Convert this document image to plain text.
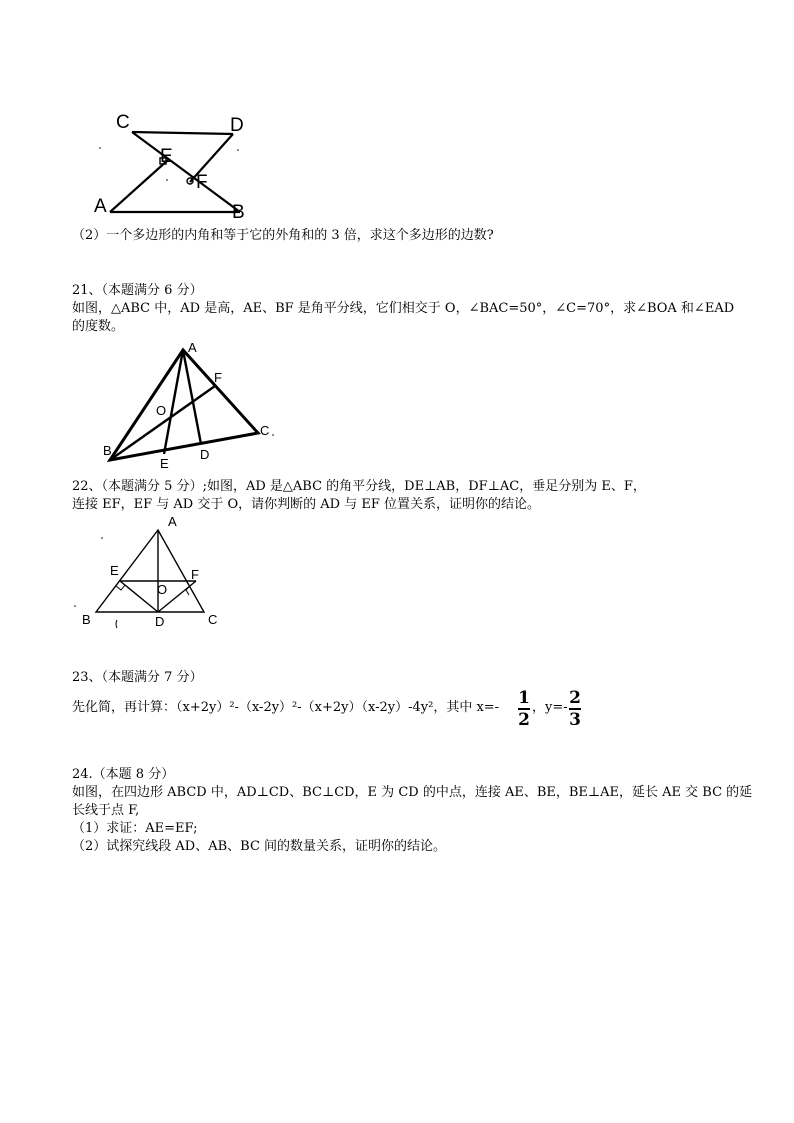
C	D
E
F
A	B
（2）一个多边形的内角和等于它的外角和的 3 倍，求这个多边形的边数?
21、（本题满分 6 分）
如图，△ABC 中，AD 是高，AE、BF 是角平分线，它们相交于 O，∠BAC=50°，∠C=70°，求∠BOA 和∠EAD
的度数。
A
F
O
C
B
E
D
22、（本题满分 5 分）;如图，AD 是△ABC 的角平分线，DE⊥AB，DF⊥AC，垂足分别为 E、F，
连接 EF，EF 与 AD 交于 O，请你判断的 AD 与 EF 位置关系，证明你的结论。
A
E	F
O
B	D	C
23、（本题满分 7 分）
先化简，再计算：（x+2y）²-（x-2y）²-（x+2y）（x-2y）-4y²，其中 x=- 1
2
，y=- 2
3
24.（本题 8 分）
如图，在四边形 ABCD 中，AD⊥CD、BC⊥CD，E 为 CD 的中点，连接 AE、BE，BE⊥AE，延长 AE 交 BC 的延
长线于点 F,
（1）求证：AE=EF;
（2）试探究线段 AD、AB、BC 间的数量关系，证明你的结论。
